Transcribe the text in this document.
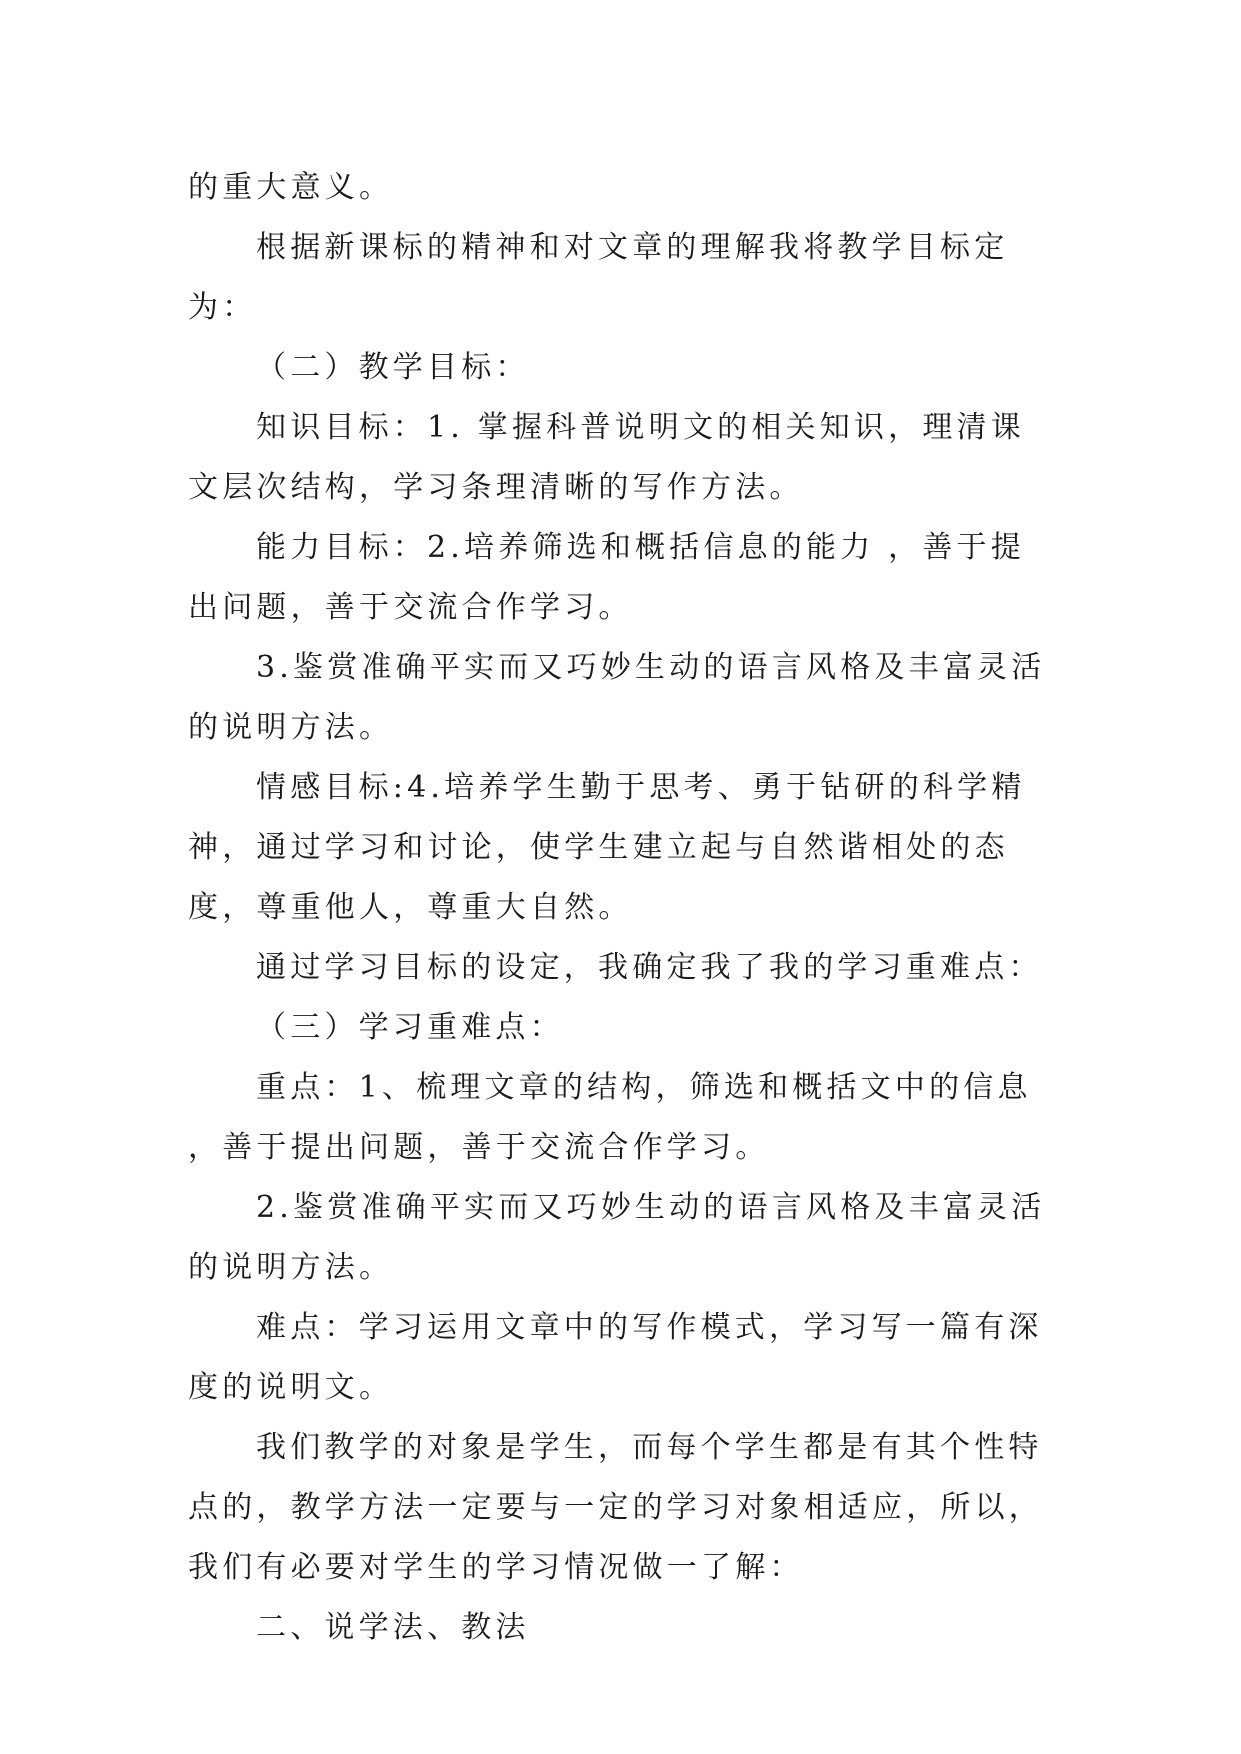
的重大意义。

根据新课标的精神和对文章的理解我将教学目标定为：

（二）教学目标：

知识目标：1. 掌握科普说明文的相关知识，理清课文层次结构，学习条理清晰的写作方法。

能力目标：2.培养筛选和概括信息的能力 ，善于提出问题，善于交流合作学习。

3.鉴赏准确平实而又巧妙生动的语言风格及丰富灵活的说明方法。

情感目标:4.培养学生勤于思考、勇于钻研的科学精神，通过学习和讨论，使学生建立起与自然谐相处的态度，尊重他人，尊重大自然。

通过学习目标的设定，我确定我了我的学习重难点：

（三）学习重难点：

重点：1、梳理文章的结构，筛选和概括文中的信息 ，善于提出问题，善于交流合作学习。

2.鉴赏准确平实而又巧妙生动的语言风格及丰富灵活的说明方法。

难点：学习运用文章中的写作模式，学习写一篇有深度的说明文。

我们教学的对象是学生，而每个学生都是有其个性特点的，教学方法一定要与一定的学习对象相适应，所以，我们有必要对学生的学习情况做一了解：

二、说学法、教法
